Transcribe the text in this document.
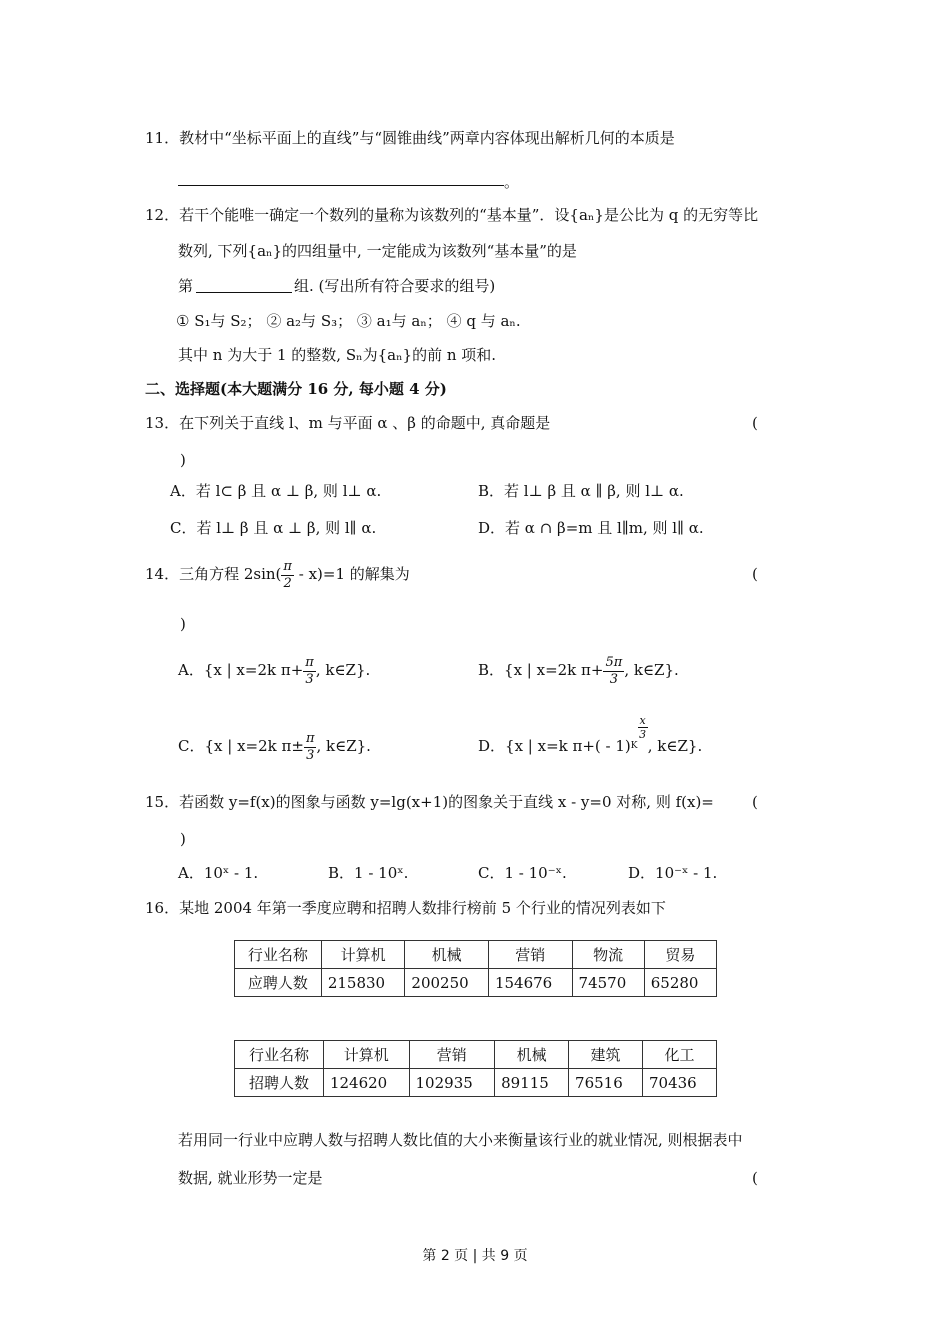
11．教材中“坐标平面上的直线”与“圆锥曲线”两章内容体现出解析几何的本质是
。
12．若干个能唯一确定一个数列的量称为该数列的“基本量”．设{aₙ}是公比为 q 的无穷等比
数列, 下列{aₙ}的四组量中, 一定能成为该数列“基本量”的是
第	组. (写出所有符合要求的组号)
① S₁与 S₂； ② a₂与 S₃； ③ a₁与 aₙ； ④ q 与 aₙ.
其中 n 为大于 1 的整数, Sₙ为{aₙ}的前 n 项和.
二、选择题(本大题满分 16 分, 每小题 4 分)
13．在下列关于直线 l、m 与平面 α 、β 的命题中, 真命题是	(
)
A．若 l⊂ β 且 α ⊥ β, 则 l⊥ α.	B．若 l⊥ β 且 α ∥ β, 则 l⊥ α.
C．若 l⊥ β 且 α ⊥ β, 则 l∥ α.	D．若 α ∩ β=m 且 l∥m, 则 l∥ α.
14．三角方程 $2\sin( \frac{\pi}{2} - x)=1$ 的解集为	(
)
A．{x | x=2k $\pi+ \frac{\pi}{3}$ , k∈Z}.	B．{x | x=2k $\pi+ \frac{5\pi}{3}$ , k∈Z}.
C．{x | x=2k $\pi\pm \frac{\pi}{3}$ , k∈Z}.	D．{x | x=k π+( - 1)K
$\frac{x}{3}$
, k∈Z}.
15．若函数 y=f(x)的图象与函数 y=lg(x+1)的图象关于直线 x - y=0 对称, 则 f(x)=	(
)
A．10ˣ - 1.	B．1 - 10ˣ.	C．1 - 10⁻ˣ.	D．10⁻ˣ - 1.
16．某地 2004 年第一季度应聘和招聘人数排行榜前 5 个行业的情况列表如下
行业名称	计算机	机械	营销	物流	贸易
应聘人数	215830	200250	154676	74570	65280
行业名称	计算机	营销	机械	建筑	化工
招聘人数	124620	102935	89115	76516	70436
若用同一行业中应聘人数与招聘人数比值的大小来衡量该行业的就业情况, 则根据表中
数据, 就业形势一定是	(
第 2 页 | 共 9 页
